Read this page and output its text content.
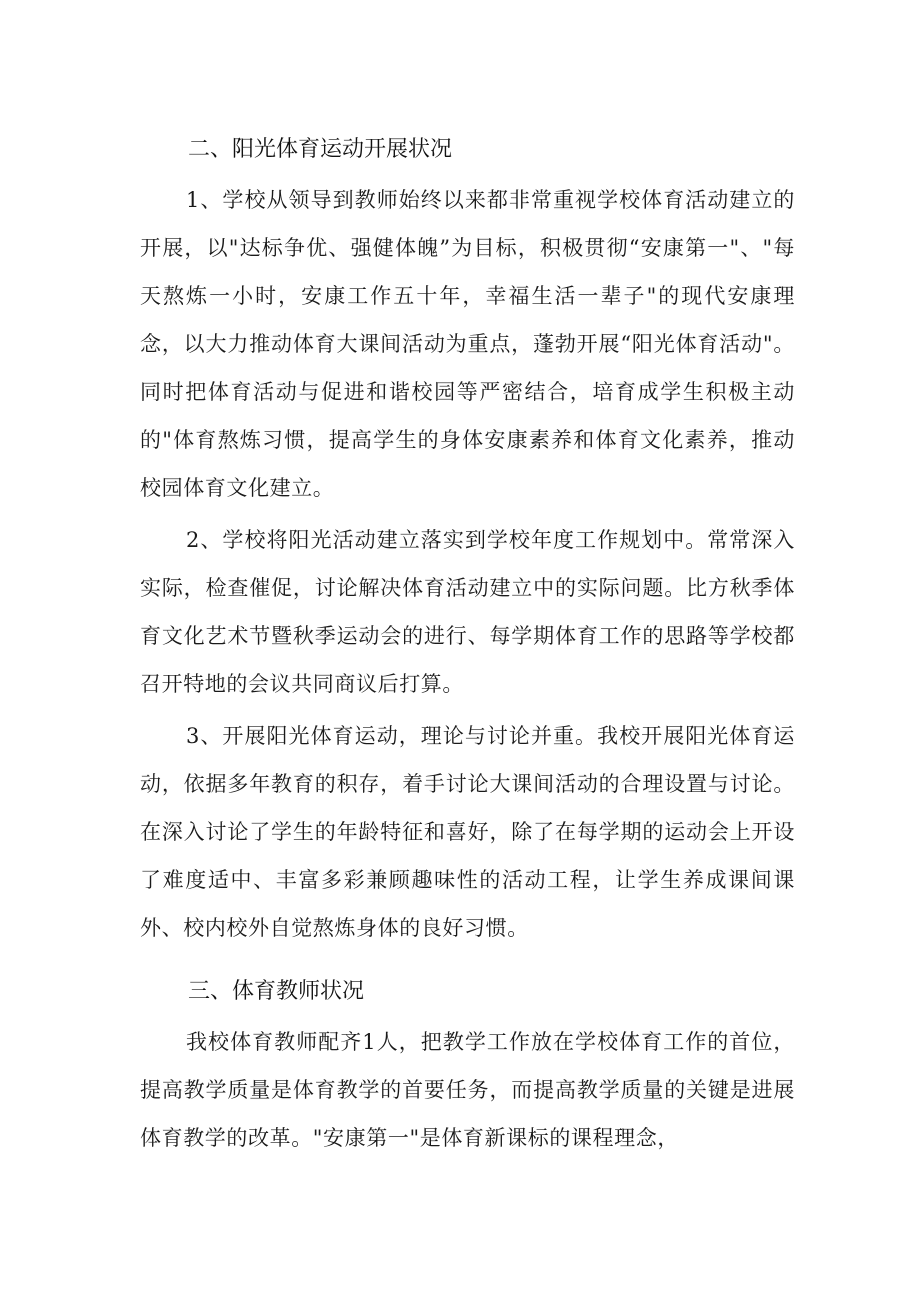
二、阳光体育运动开展状况

1、学校从领导到教师始终以来都非常重视学校体育活动建立的开展，以"达标争优、强健体魄”为目标，积极贯彻“安康第一"、"每天熬炼一小时，安康工作五十年，幸福生活一辈子"的现代安康理念，以大力推动体育大课间活动为重点，蓬勃开展“阳光体育活动"。同时把体育活动与促进和谐校园等严密结合，培育成学生积极主动的"体育熬炼习惯，提高学生的身体安康素养和体育文化素养，推动校园体育文化建立。

2、学校将阳光活动建立落实到学校年度工作规划中。常常深入实际，检查催促，讨论解决体育活动建立中的实际问题。比方秋季体育文化艺术节暨秋季运动会的进行、每学期体育工作的思路等学校都召开特地的会议共同商议后打算。

3、开展阳光体育运动，理论与讨论并重。我校开展阳光体育运动，依据多年教育的积存，着手讨论大课间活动的合理设置与讨论。在深入讨论了学生的年龄特征和喜好，除了在每学期的运动会上开设了难度适中、丰富多彩兼顾趣味性的活动工程，让学生养成课间课外、校内校外自觉熬炼身体的良好习惯。

三、体育教师状况

我校体育教师配齐1人，把教学工作放在学校体育工作的首位，提高教学质量是体育教学的首要任务，而提高教学质量的关键是进展体育教学的改革。"安康第一"是体育新课标的课程理念，
